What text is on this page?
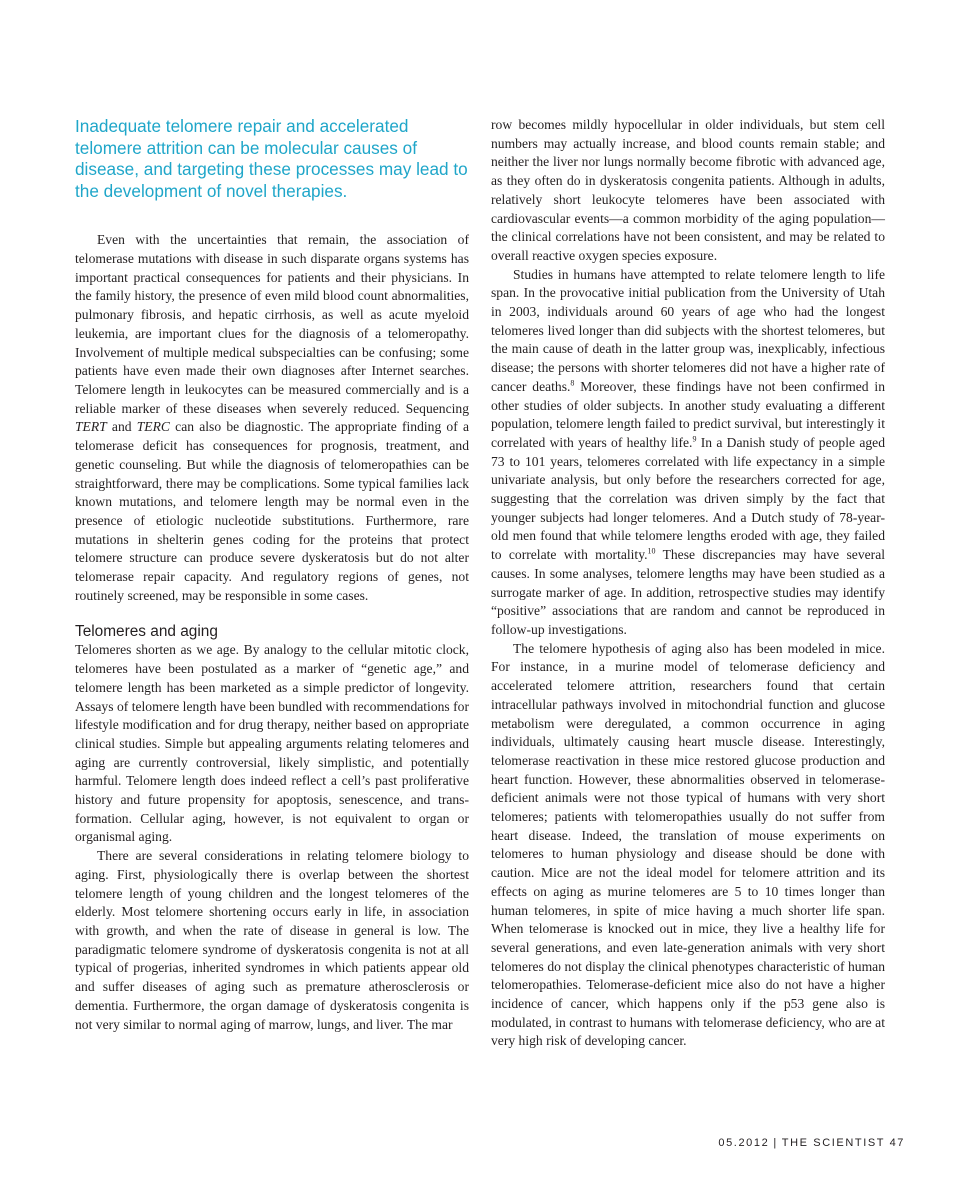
Inadequate telomere repair and accelerated telomere attrition can be molecular causes of disease, and targeting these processes may lead to the development of novel therapies.

Even with the uncertainties that remain, the association of telomerase mutations with disease in such disparate organs systems has important practical consequences for patients and their physicians. In the family history, the presence of even mild blood count abnormalities, pulmonary fibrosis, and hepatic cirrhosis, as well as acute myeloid leukemia, are important clues for the diagnosis of a telomeropathy. Involvement of multiple medical subspecialties can be confusing; some patients have even made their own diagnoses after Internet searches. Telomere length in leukocytes can be measured commercially and is a reliable marker of these diseases when severely reduced. Sequencing TERT and TERC can also be diagnostic. The appropriate finding of a telomerase deficit has consequences for prognosis, treatment, and genetic counseling. But while the diagnosis of telomeropathies can be straightforward, there may be complications. Some typical families lack known mutations, and telomere length may be normal even in the presence of etiologic nucleotide substitutions. Furthermore, rare mutations in shelterin genes coding for the proteins that protect telomere structure can produce severe dyskeratosis but do not alter telomerase repair capacity. And regulatory regions of genes, not routinely screened, may be responsible in some cases.

Telomeres and aging

Telomeres shorten as we age. By analogy to the cellular mitotic clock, telomeres have been postulated as a marker of “genetic age,” and telomere length has been marketed as a simple predictor of longevity. Assays of telomere length have been bundled with recommendations for lifestyle modification and for drug therapy, neither based on appropriate clinical studies. Simple but appealing arguments relating telomeres and aging are currently controversial, likely simplistic, and potentially harmful. Telomere length does indeed reflect a cell’s past proliferative history and future propensity for apoptosis, senescence, and transformation. Cellular aging, however, is not equivalent to organ or organismal aging.

There are several considerations in relating telomere biology to aging. First, physiologically there is overlap between the shortest telomere length of young children and the longest telomeres of the elderly. Most telomere shortening occurs early in life, in association with growth, and when the rate of disease in general is low. The paradigmatic telomere syndrome of dyskeratosis congenita is not at all typical of progerias, inherited syndromes in which patients appear old and suffer diseases of aging such as premature atherosclerosis or dementia. Furthermore, the organ damage of dyskeratosis congenita is not very similar to normal aging of marrow, lungs, and liver. The mar

row becomes mildly hypocellular in older individuals, but stem cell numbers may actually increase, and blood counts remain stable; and neither the liver nor lungs normally become fibrotic with advanced age, as they often do in dyskeratosis congenita patients. Although in adults, relatively short leukocyte telomeres have been associated with cardiovascular events—a common morbidity of the aging population—the clinical correlations have not been consistent, and may be related to overall reactive oxygen species exposure.

Studies in humans have attempted to relate telomere length to life span. In the provocative initial publication from the University of Utah in 2003, individuals around 60 years of age who had the longest telomeres lived longer than did subjects with the shortest telomeres, but the main cause of death in the latter group was, inexplicably, infectious disease; the persons with shorter telomeres did not have a higher rate of cancer deaths.$^8$ Moreover, these findings have not been confirmed in other studies of older subjects. In another study evaluating a different population, telomere length failed to predict survival, but interestingly it correlated with years of healthy life.$^9$ In a Danish study of people aged 73 to 101 years, telomeres correlated with life expectancy in a simple univariate analysis, but only before the researchers corrected for age, suggesting that the correlation was driven simply by the fact that younger subjects had longer telomeres. And a Dutch study of 78-year-old men found that while telomere lengths eroded with age, they failed to correlate with mortality.$^{10}$ These discrepancies may have several causes. In some analyses, telomere lengths may have been studied as a surrogate marker of age. In addition, retrospective studies may identify “positive” associations that are random and cannot be reproduced in follow-up investigations.

The telomere hypothesis of aging also has been modeled in mice. For instance, in a murine model of telomerase deficiency and accelerated telomere attrition, researchers found that certain intracellular pathways involved in mitochondrial function and glucose metabolism were deregulated, a common occurrence in aging individuals, ultimately causing heart muscle disease. Interestingly, telomerase reactivation in these mice restored glucose production and heart function. However, these abnormalities observed in telomerase-deficient animals were not those typical of humans with very short telomeres; patients with telomeropathies usually do not suffer from heart disease. Indeed, the translation of mouse experiments on telomeres to human physiology and disease should be done with caution. Mice are not the ideal model for telomere attrition and its effects on aging as murine telomeres are 5 to 10 times longer than human telomeres, in spite of mice having a much shorter life span. When telomerase is knocked out in mice, they live a healthy life for several generations, and even late-generation animals with very short telomeres do not display the clinical phenotypes characteristic of human telomeropathies. Telomerase-deficient mice also do not have a higher incidence of cancer, which happens only if the p53 gene also is modulated, in contrast to humans with telomerase deficiency, who are at very high risk of developing cancer.

05.2012 | THE SCIENTIST 47
